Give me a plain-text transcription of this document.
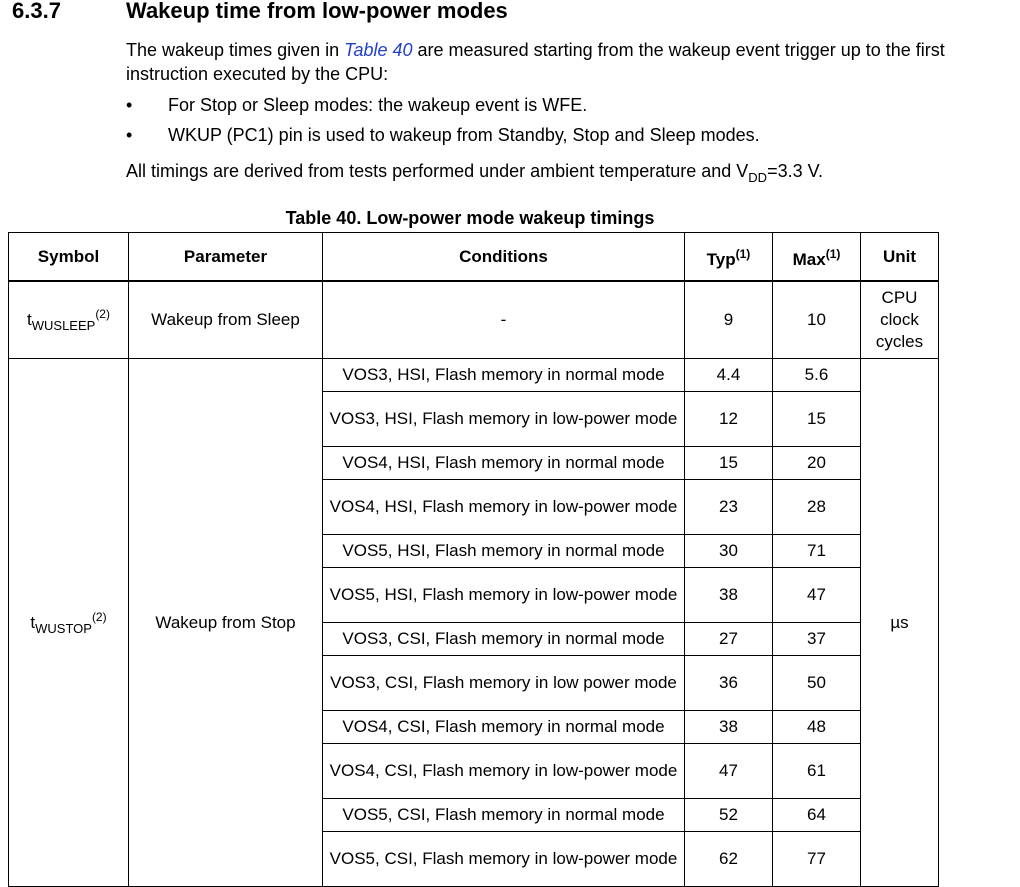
6.3.7	Wakeup time from low-power modes
The wakeup times given in Table 40 are measured starting from the wakeup event trigger up to the first instruction executed by the CPU:
• For Stop or Sleep modes: the wakeup event is WFE.
• WKUP (PC1) pin is used to wakeup from Standby, Stop and Sleep modes.
All timings are derived from tests performed under ambient temperature and $V_{DD}=3.3$ V.
Table 40. Low-power mode wakeup timings
Symbol	Parameter	Conditions	Typ$^{(1)}$	Max$^{(1)}$	Unit
$t_{WUSLEEP}^{(2)}$	Wakeup from Sleep	-	9	10	CPU clock cycles
$t_{WUSTOP}^{(2)}$	Wakeup from Stop	VOS3, HSI, Flash memory in normal mode	4.4	5.6	µs
		VOS3, HSI, Flash memory in low-power mode	12	15	
		VOS4, HSI, Flash memory in normal mode	15	20	
		VOS4, HSI, Flash memory in low-power mode	23	28	
		VOS5, HSI, Flash memory in normal mode	30	71	
		VOS5, HSI, Flash memory in low-power mode	38	47	
		VOS3, CSI, Flash memory in normal mode	27	37	
		VOS3, CSI, Flash memory in low power mode	36	50	
		VOS4, CSI, Flash memory in normal mode	38	48	
		VOS4, CSI, Flash memory in low-power mode	47	61	
		VOS5, CSI, Flash memory in normal mode	52	64	
		VOS5, CSI, Flash memory in low-power mode	62	77	
